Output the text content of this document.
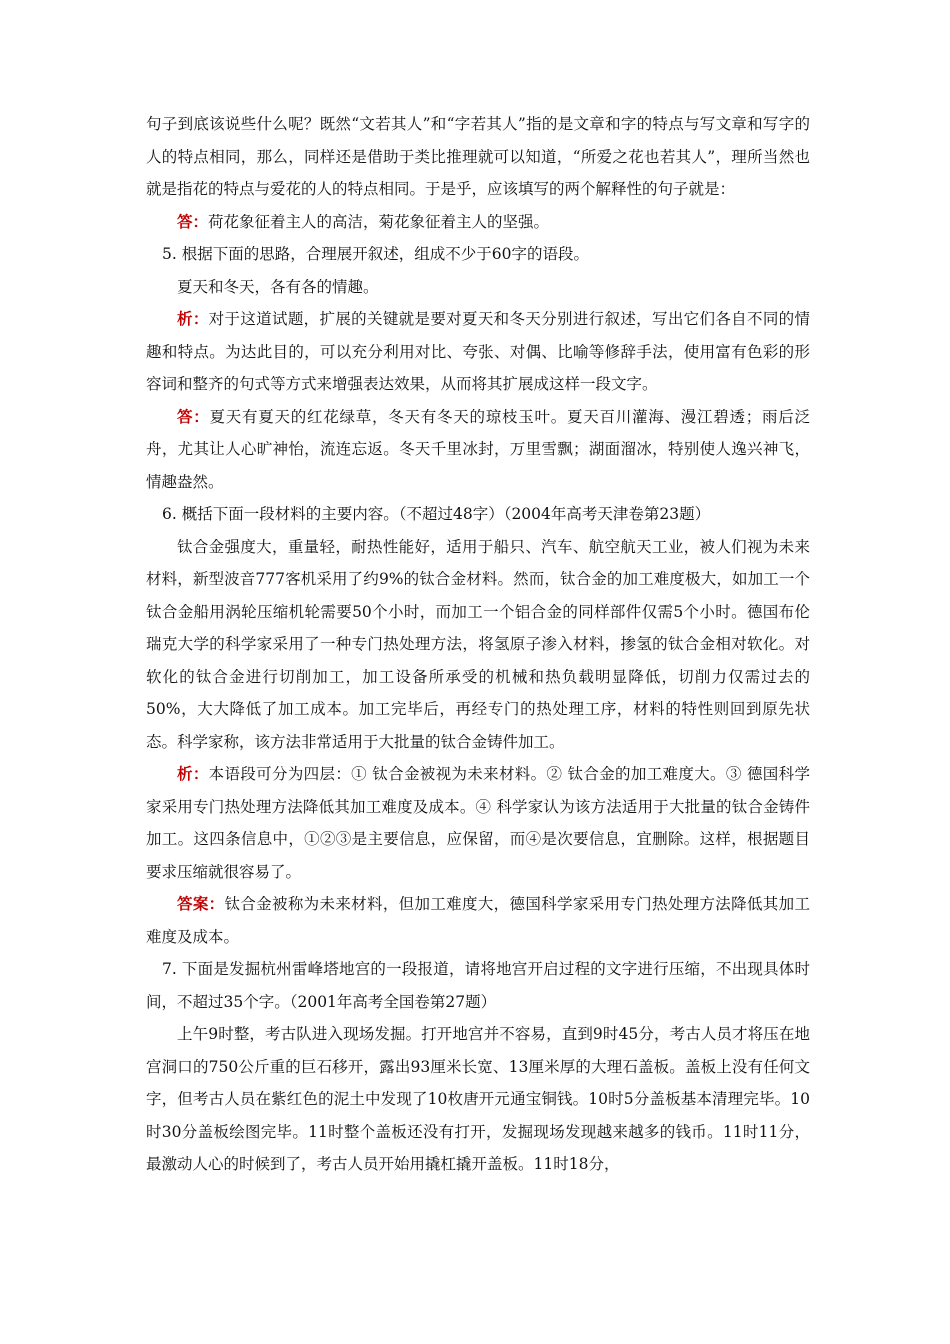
句子到底该说些什么呢？既然“文若其人”和“字若其人”指的是文章和字的特点与写文章和写字的人的特点相同，那么，同样还是借助于类比推理就可以知道，“所爱之花也若其人”，理所当然也就是指花的特点与爱花的人的特点相同。于是乎，应该填写的两个解释性的句子就是：

答：荷花象征着主人的高洁，菊花象征着主人的坚强。

5. 根据下面的思路，合理展开叙述，组成不少于60字的语段。

夏天和冬天，各有各的情趣。

析：对于这道试题，扩展的关键就是要对夏天和冬天分别进行叙述，写出它们各自不同的情趣和特点。为达此目的，可以充分利用对比、夸张、对偶、比喻等修辞手法，使用富有色彩的形容词和整齐的句式等方式来增强表达效果，从而将其扩展成这样一段文字。

答：夏天有夏天的红花绿草，冬天有冬天的琼枝玉叶。夏天百川灌海、漫江碧透；雨后泛舟，尤其让人心旷神怡，流连忘返。冬天千里冰封，万里雪飘；湖面溜冰，特别使人逸兴神飞，情趣盎然。

6. 概括下面一段材料的主要内容。（不超过48字）（2004年高考天津卷第23题）

钛合金强度大，重量轻，耐热性能好，适用于船只、汽车、航空航天工业，被人们视为未来材料，新型波音777客机采用了约9%的钛合金材料。然而，钛合金的加工难度极大，如加工一个钛合金船用涡轮压缩机轮需要50个小时，而加工一个铝合金的同样部件仅需5个小时。德国布伦瑞克大学的科学家采用了一种专门热处理方法，将氢原子渗入材料，掺氢的钛合金相对软化。对软化的钛合金进行切削加工，加工设备所承受的机械和热负载明显降低，切削力仅需过去的50%，大大降低了加工成本。加工完毕后，再经专门的热处理工序，材料的特性则回到原先状态。科学家称，该方法非常适用于大批量的钛合金铸件加工。

析：本语段可分为四层：① 钛合金被视为未来材料。② 钛合金的加工难度大。③ 德国科学家采用专门热处理方法降低其加工难度及成本。④ 科学家认为该方法适用于大批量的钛合金铸件加工。这四条信息中，①②③是主要信息，应保留，而④是次要信息，宜删除。这样，根据题目要求压缩就很容易了。

答案：钛合金被称为未来材料，但加工难度大，德国科学家采用专门热处理方法降低其加工难度及成本。

7. 下面是发掘杭州雷峰塔地宫的一段报道，请将地宫开启过程的文字进行压缩，不出现具体时间，不超过35个字。（2001年高考全国卷第27题）

上午9时整，考古队进入现场发掘。打开地宫并不容易，直到9时45分，考古人员才将压在地宫洞口的750公斤重的巨石移开，露出93厘米长宽、13厘米厚的大理石盖板。盖板上没有任何文字，但考古人员在紫红色的泥土中发现了10枚唐开元通宝铜钱。10时5分盖板基本清理完毕。10时30分盖板绘图完毕。11时整个盖板还没有打开，发掘现场发现越来越多的钱币。11时11分，最激动人心的时候到了，考古人员开始用撬杠撬开盖板。11时18分，
